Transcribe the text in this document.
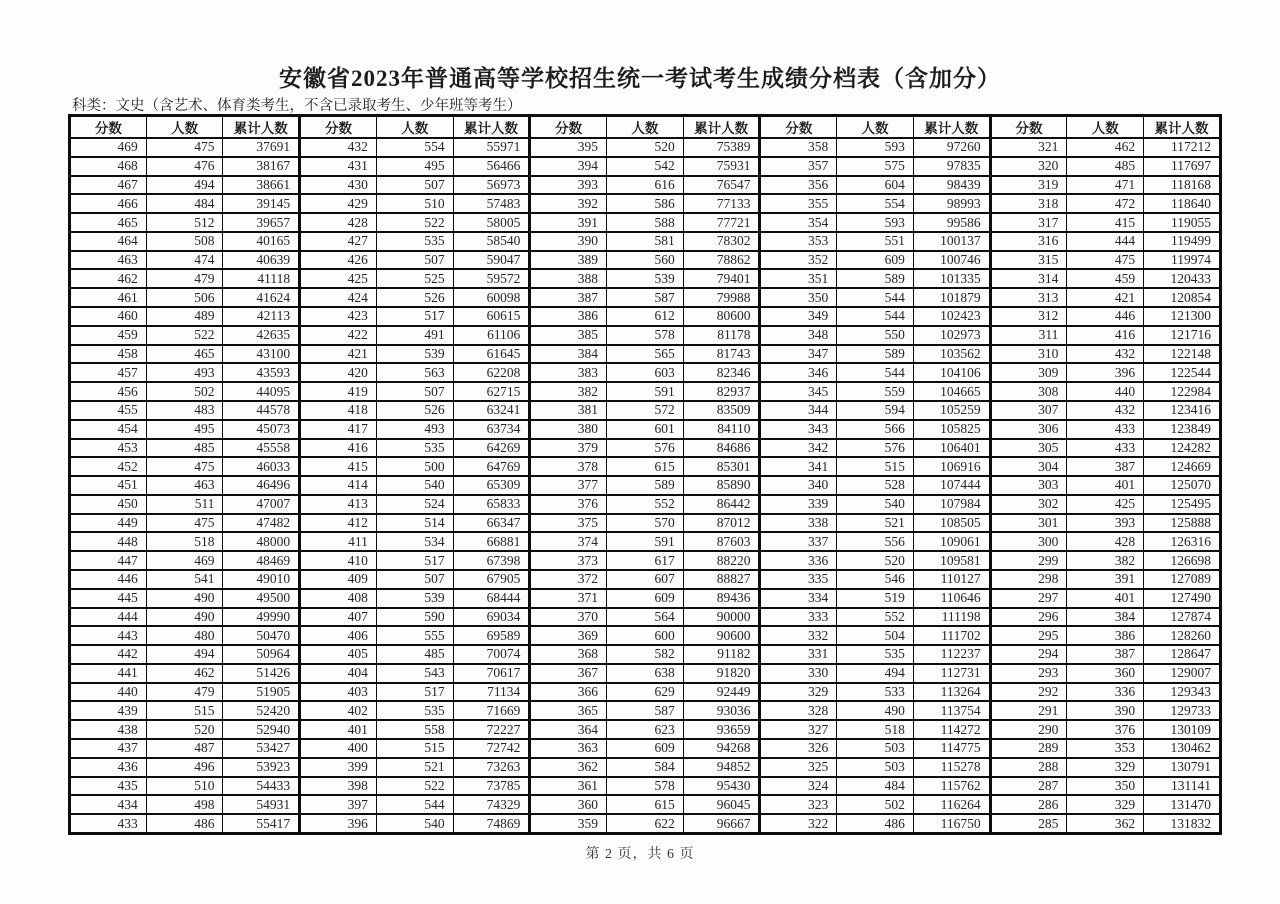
安徽省2023年普通高等学校招生统一考试考生成绩分档表（含加分）
科类：文史（含艺术、体育类考生，不含已录取考生、少年班等考生）
分数	人数	累计人数	分数	人数	累计人数	分数	人数	累计人数	分数	人数	累计人数	分数	人数	累计人数
469	475	37691	432	554	55971	395	520	75389	358	593	97260	321	462	117212
468	476	38167	431	495	56466	394	542	75931	357	575	97835	320	485	117697
467	494	38661	430	507	56973	393	616	76547	356	604	98439	319	471	118168
466	484	39145	429	510	57483	392	586	77133	355	554	98993	318	472	118640
465	512	39657	428	522	58005	391	588	77721	354	593	99586	317	415	119055
464	508	40165	427	535	58540	390	581	78302	353	551	100137	316	444	119499
463	474	40639	426	507	59047	389	560	78862	352	609	100746	315	475	119974
462	479	41118	425	525	59572	388	539	79401	351	589	101335	314	459	120433
461	506	41624	424	526	60098	387	587	79988	350	544	101879	313	421	120854
460	489	42113	423	517	60615	386	612	80600	349	544	102423	312	446	121300
459	522	42635	422	491	61106	385	578	81178	348	550	102973	311	416	121716
458	465	43100	421	539	61645	384	565	81743	347	589	103562	310	432	122148
457	493	43593	420	563	62208	383	603	82346	346	544	104106	309	396	122544
456	502	44095	419	507	62715	382	591	82937	345	559	104665	308	440	122984
455	483	44578	418	526	63241	381	572	83509	344	594	105259	307	432	123416
454	495	45073	417	493	63734	380	601	84110	343	566	105825	306	433	123849
453	485	45558	416	535	64269	379	576	84686	342	576	106401	305	433	124282
452	475	46033	415	500	64769	378	615	85301	341	515	106916	304	387	124669
451	463	46496	414	540	65309	377	589	85890	340	528	107444	303	401	125070
450	511	47007	413	524	65833	376	552	86442	339	540	107984	302	425	125495
449	475	47482	412	514	66347	375	570	87012	338	521	108505	301	393	125888
448	518	48000	411	534	66881	374	591	87603	337	556	109061	300	428	126316
447	469	48469	410	517	67398	373	617	88220	336	520	109581	299	382	126698
446	541	49010	409	507	67905	372	607	88827	335	546	110127	298	391	127089
445	490	49500	408	539	68444	371	609	89436	334	519	110646	297	401	127490
444	490	49990	407	590	69034	370	564	90000	333	552	111198	296	384	127874
443	480	50470	406	555	69589	369	600	90600	332	504	111702	295	386	128260
442	494	50964	405	485	70074	368	582	91182	331	535	112237	294	387	128647
441	462	51426	404	543	70617	367	638	91820	330	494	112731	293	360	129007
440	479	51905	403	517	71134	366	629	92449	329	533	113264	292	336	129343
439	515	52420	402	535	71669	365	587	93036	328	490	113754	291	390	129733
438	520	52940	401	558	72227	364	623	93659	327	518	114272	290	376	130109
437	487	53427	400	515	72742	363	609	94268	326	503	114775	289	353	130462
436	496	53923	399	521	73263	362	584	94852	325	503	115278	288	329	130791
435	510	54433	398	522	73785	361	578	95430	324	484	115762	287	350	131141
434	498	54931	397	544	74329	360	615	96045	323	502	116264	286	329	131470
433	486	55417	396	540	74869	359	622	96667	322	486	116750	285	362	131832
第 2 页，共 6 页
